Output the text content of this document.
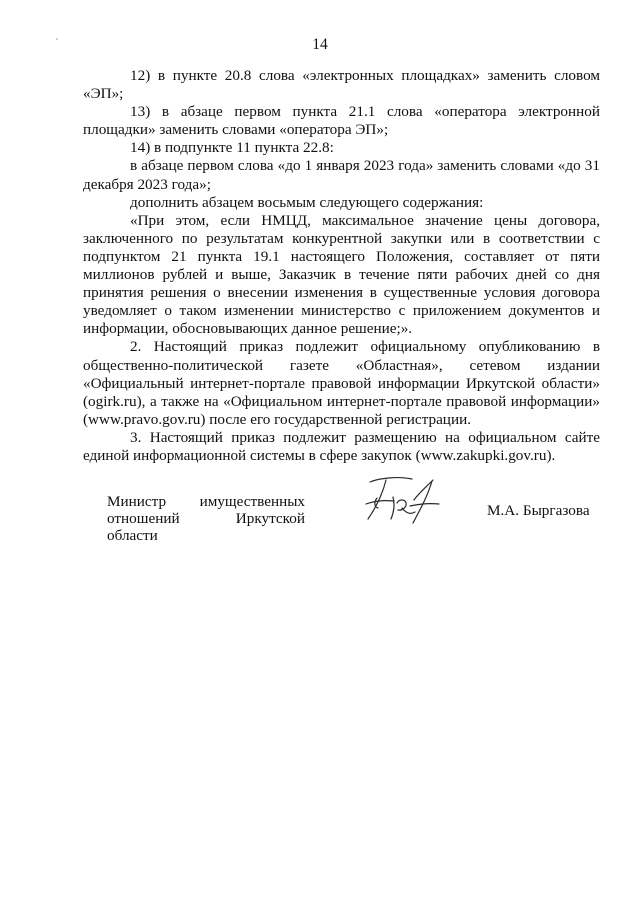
14

12) в пункте 20.8 слова «электронных площадках» заменить словом «ЭП»;

13) в абзаце первом пункта 21.1 слова «оператора электронной площадки» заменить словами «оператора ЭП»;

14) в подпункте 11 пункта 22.8:

в абзаце первом слова «до 1 января 2023 года» заменить словами «до 31 декабря 2023 года»;

дополнить абзацем восьмым следующего содержания:

«При этом, если НМЦД, максимальное значение цены договора, заключенного по результатам конкурентной закупки или в соответствии с подпунктом 21 пункта 19.1 настоящего Положения, составляет от пяти миллионов рублей и выше, Заказчик в течение пяти рабочих дней со дня принятия решения о внесении изменения в существенные условия договора уведомляет о таком изменении министерство с приложением документов и информации, обосновывающих данное решение;».

2. Настоящий приказ подлежит официальному опубликованию в общественно-политической газете «Областная», сетевом издании «Официальный интернет-портале правовой информации Иркутской области» (ogirk.ru), а также на «Официальном интернет-портале правовой информации» (www.pravo.gov.ru) после его государственной регистрации.

3. Настоящий приказ подлежит размещению на официальном сайте единой информационной системы в сфере закупок (www.zakupki.gov.ru).

Министр имущественных
отношений Иркутской области
М.А. Быргазова
